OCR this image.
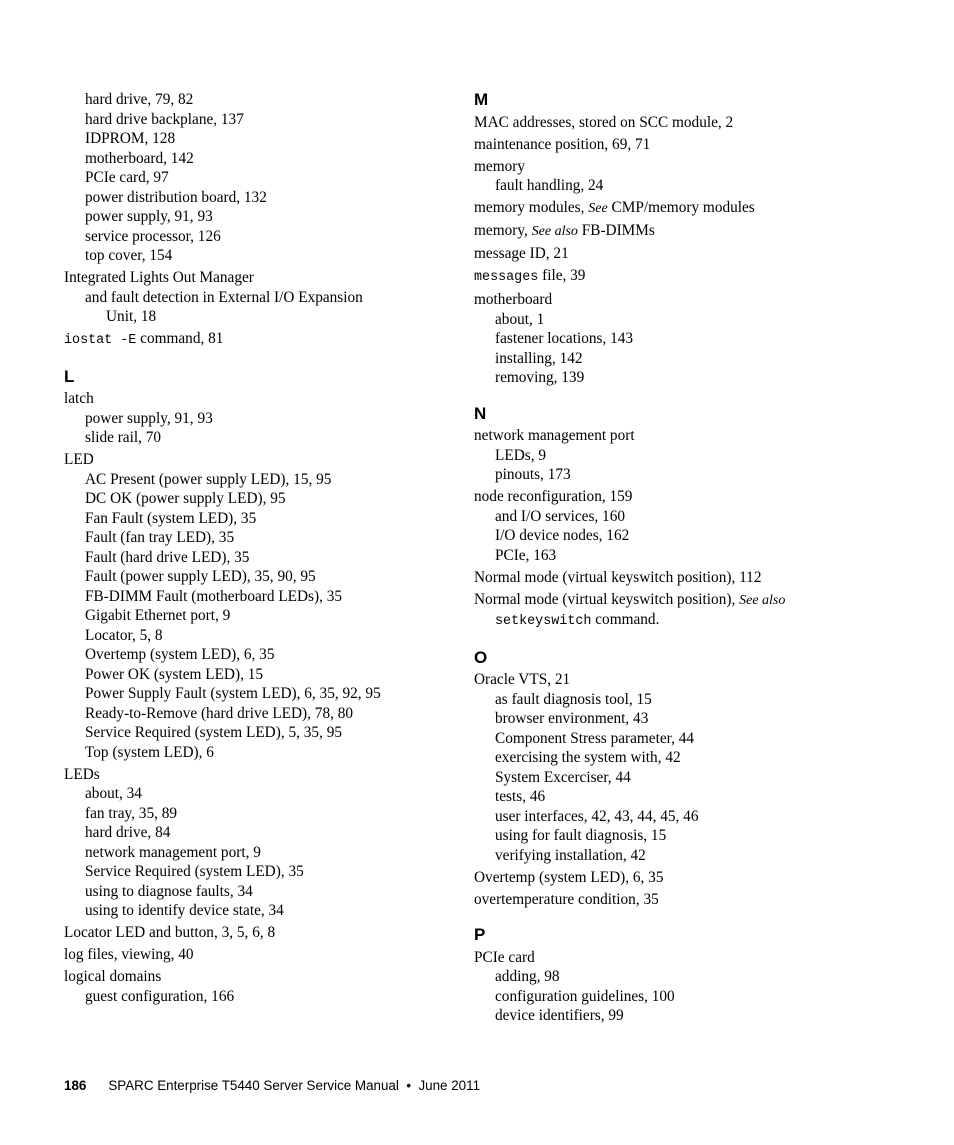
hard drive, 79, 82
hard drive backplane, 137
IDPROM, 128
motherboard, 142
PCIe card, 97
power distribution board, 132
power supply, 91, 93
service processor, 126
top cover, 154
Integrated Lights Out Manager
and fault detection in External I/O Expansion
Unit, 18
iostat -E command, 81
L
latch
power supply, 91, 93
slide rail, 70
LED
AC Present (power supply LED), 15, 95
DC OK (power supply LED), 95
Fan Fault (system LED), 35
Fault (fan tray LED), 35
Fault (hard drive LED), 35
Fault (power supply LED), 35, 90, 95
FB-DIMM Fault (motherboard LEDs), 35
Gigabit Ethernet port, 9
Locator, 5, 8
Overtemp (system LED), 6, 35
Power OK (system LED), 15
Power Supply Fault (system LED), 6, 35, 92, 95
Ready-to-Remove (hard drive LED), 78, 80
Service Required (system LED), 5, 35, 95
Top (system LED), 6
LEDs
about, 34
fan tray, 35, 89
hard drive, 84
network management port, 9
Service Required (system LED), 35
using to diagnose faults, 34
using to identify device state, 34
Locator LED and button, 3, 5, 6, 8
log files, viewing, 40
logical domains
guest configuration, 166
M
MAC addresses, stored on SCC module, 2
maintenance position, 69, 71
memory
fault handling, 24
memory modules, See CMP/memory modules
memory, See also FB-DIMMs
message ID, 21
messages file, 39
motherboard
about, 1
fastener locations, 143
installing, 142
removing, 139
N
network management port
LEDs, 9
pinouts, 173
node reconfiguration, 159
and I/O services, 160
I/O device nodes, 162
PCIe, 163
Normal mode (virtual keyswitch position), 112
Normal mode (virtual keyswitch position), See also
setkeyswitch command.
O
Oracle VTS, 21
as fault diagnosis tool, 15
browser environment, 43
Component Stress parameter, 44
exercising the system with, 42
System Excerciser, 44
tests, 46
user interfaces, 42, 43, 44, 45, 46
using for fault diagnosis, 15
verifying installation, 42
Overtemp (system LED), 6, 35
overtemperature condition, 35
P
PCIe card
adding, 98
configuration guidelines, 100
device identifiers, 99
186 SPARC Enterprise T5440 Server Service Manual • June 2011
